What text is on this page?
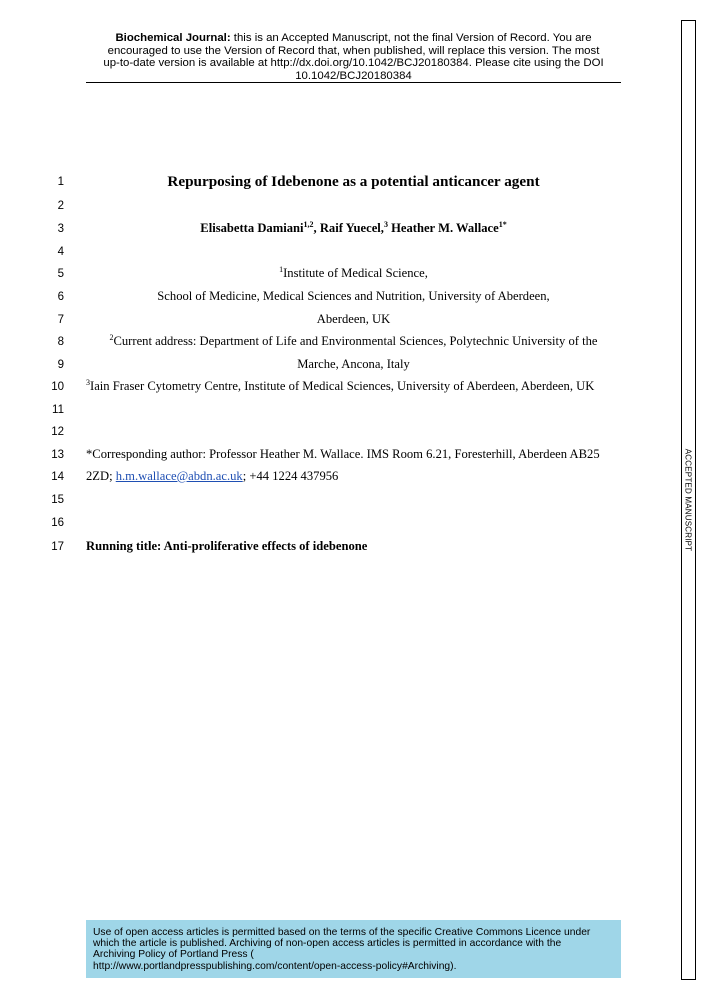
Biochemical Journal: this is an Accepted Manuscript, not the final Version of Record. You are
encouraged to use the Version of Record that, when published, will replace this version. The most
up-to-date version is available at http://dx.doi.org/10.1042/BCJ20180384. Please cite using the DOI
10.1042/BCJ20180384
ACCEPTED MANUSCRIPT
1
2
3
4
5
6
7
8
9
10
11
12
13
14
15
16
17
Repurposing of Idebenone as a potential anticancer agent
Elisabetta Damiani$^{1,2}$, Raif Yuecel,$^3$ Heather M. Wallace$^{1*}$
$^1$Institute of Medical Science,
School of Medicine, Medical Sciences and Nutrition, University of Aberdeen,
Aberdeen, UK
$^2$Current address: Department of Life and Environmental Sciences, Polytechnic University of the
Marche, Ancona, Italy
$^3$Iain Fraser Cytometry Centre, Institute of Medical Sciences, University of Aberdeen, Aberdeen, UK
*Corresponding author: Professor Heather M. Wallace. IMS Room 6.21, Foresterhill, Aberdeen AB25
2ZD; h.m.wallace@abdn.ac.uk; +44 1224 437956
Running title: Anti-proliferative effects of idebenone
Use of open access articles is permitted based on the terms of the specific Creative Commons Licence under
which the article is published. Archiving of non-open access articles is permitted in accordance with the
Archiving Policy of Portland Press (
http://www.portlandpresspublishing.com/content/open-access-policy#Archiving).
